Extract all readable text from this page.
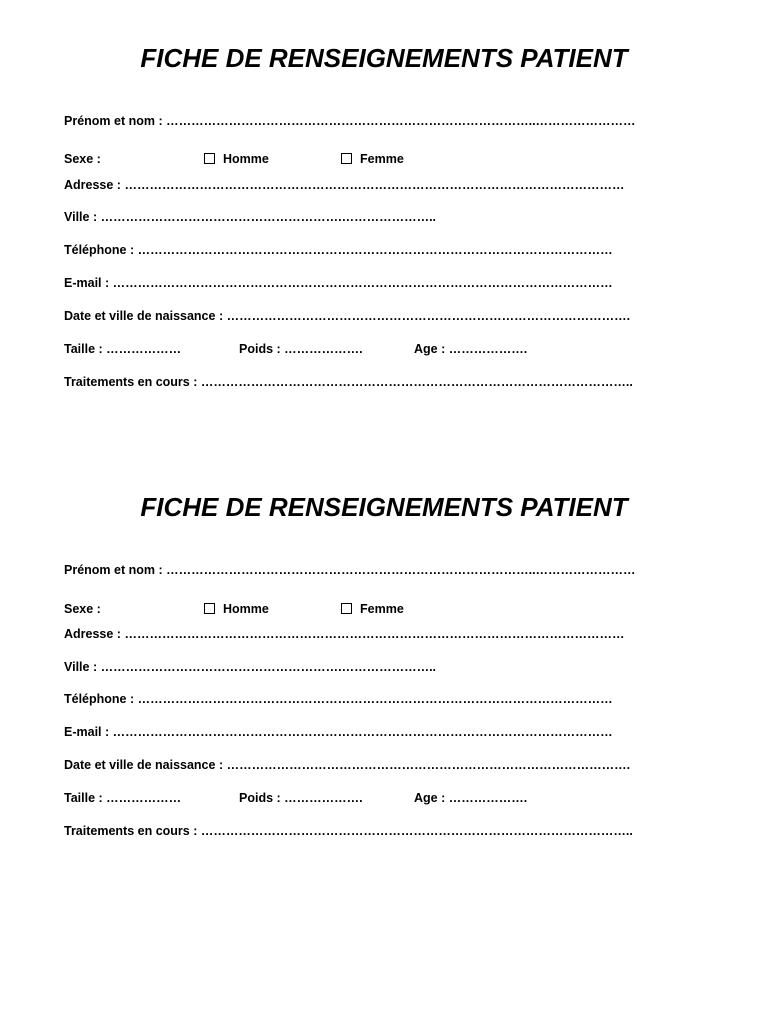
FICHE DE RENSEIGNEMENTS PATIENT
Prénom et nom : ……………………………………………………………………………..……………………
Sexe :	Homme	Femme
Adresse : …………………………………………………………………………………………………………
Ville : ………………………………………………….…………………..
Téléphone : ……………………………………………………………………………………………………
E-mail : …………………………………………………………………………………………………………
Date et ville de naissance : …………………………………………………………………………………….
Taille : ………………	Poids : ……………….	Age : ……………….
Traitements en cours : …………………………………………………………………………………………..
FICHE DE RENSEIGNEMENTS PATIENT
Prénom et nom : ……………………………………………………………………………..……………………
Sexe :	Homme	Femme
Adresse : …………………………………………………………………………………………………………
Ville : ………………………………………………….…………………..
Téléphone : ……………………………………………………………………………………………………
E-mail : …………………………………………………………………………………………………………
Date et ville de naissance : …………………………………………………………………………………….
Taille : ………………	Poids : ……………….	Age : ……………….
Traitements en cours : …………………………………………………………………………………………..
